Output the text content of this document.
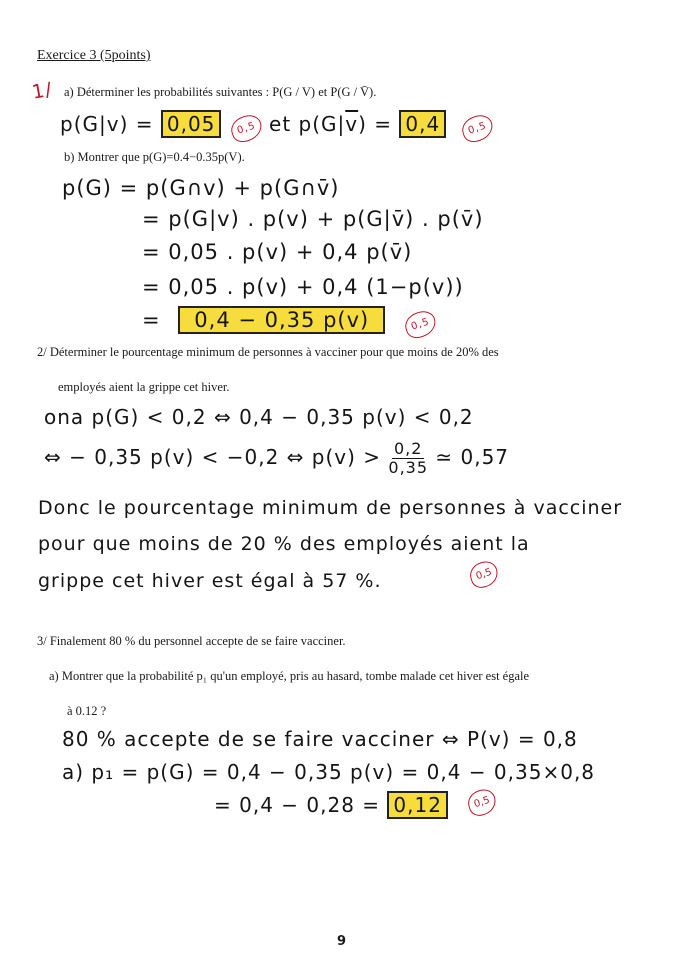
Exercice 3 (5points)
1/ a) Déterminer les probabilités suivantes : P(G / V) et P(G / V̄).
p(G|v) = 0,05 0,5 et $p(G|\overline{v}) = 0,4$	0,5
b) Montrer que p(G)=0.4−0.35p(V).
p(G) = p(G∩v) + p(G∩v̄)
= p(G|v) . p(v) + p(G|v̄) . p(v̄)
= 0,05 . p(v) + 0,4 p(v̄)
= 0,05 . p(v) + 0,4 (1−p(v))
= 0,4 − 0,35 p(v)	0,5
2/ Déterminer le pourcentage minimum de personnes à vacciner pour que moins de 20% des
employés aient la grippe cet hiver.
ona p(G) < 0,2 ⇔ 0,4 − 0,35 p(v) < 0,2
⇔ − 0,35 p(v) < −0,2 ⇔ $p(v) > \frac{0,2}{0,35}$ ≃ 0,57
Donc le pourcentage minimum de personnes à vacciner
pour que moins de 20 % des employés aient la
grippe cet hiver est égal à 57 %.	0,5
3/ Finalement 80 % du personnel accepte de se faire vacciner.
a) Montrer que la probabilité p₁ qu'un employé, pris au hasard, tombe malade cet hiver est égale
à 0.12 ?
80 % accepte de se faire vacciner ⇔ P(v) = 0,8
a) p₁ = p(G) = 0,4 − 0,35 p(v) = 0,4 − 0,35×0,8
= 0,4 − 0,28 = 0,12	0,5
9
